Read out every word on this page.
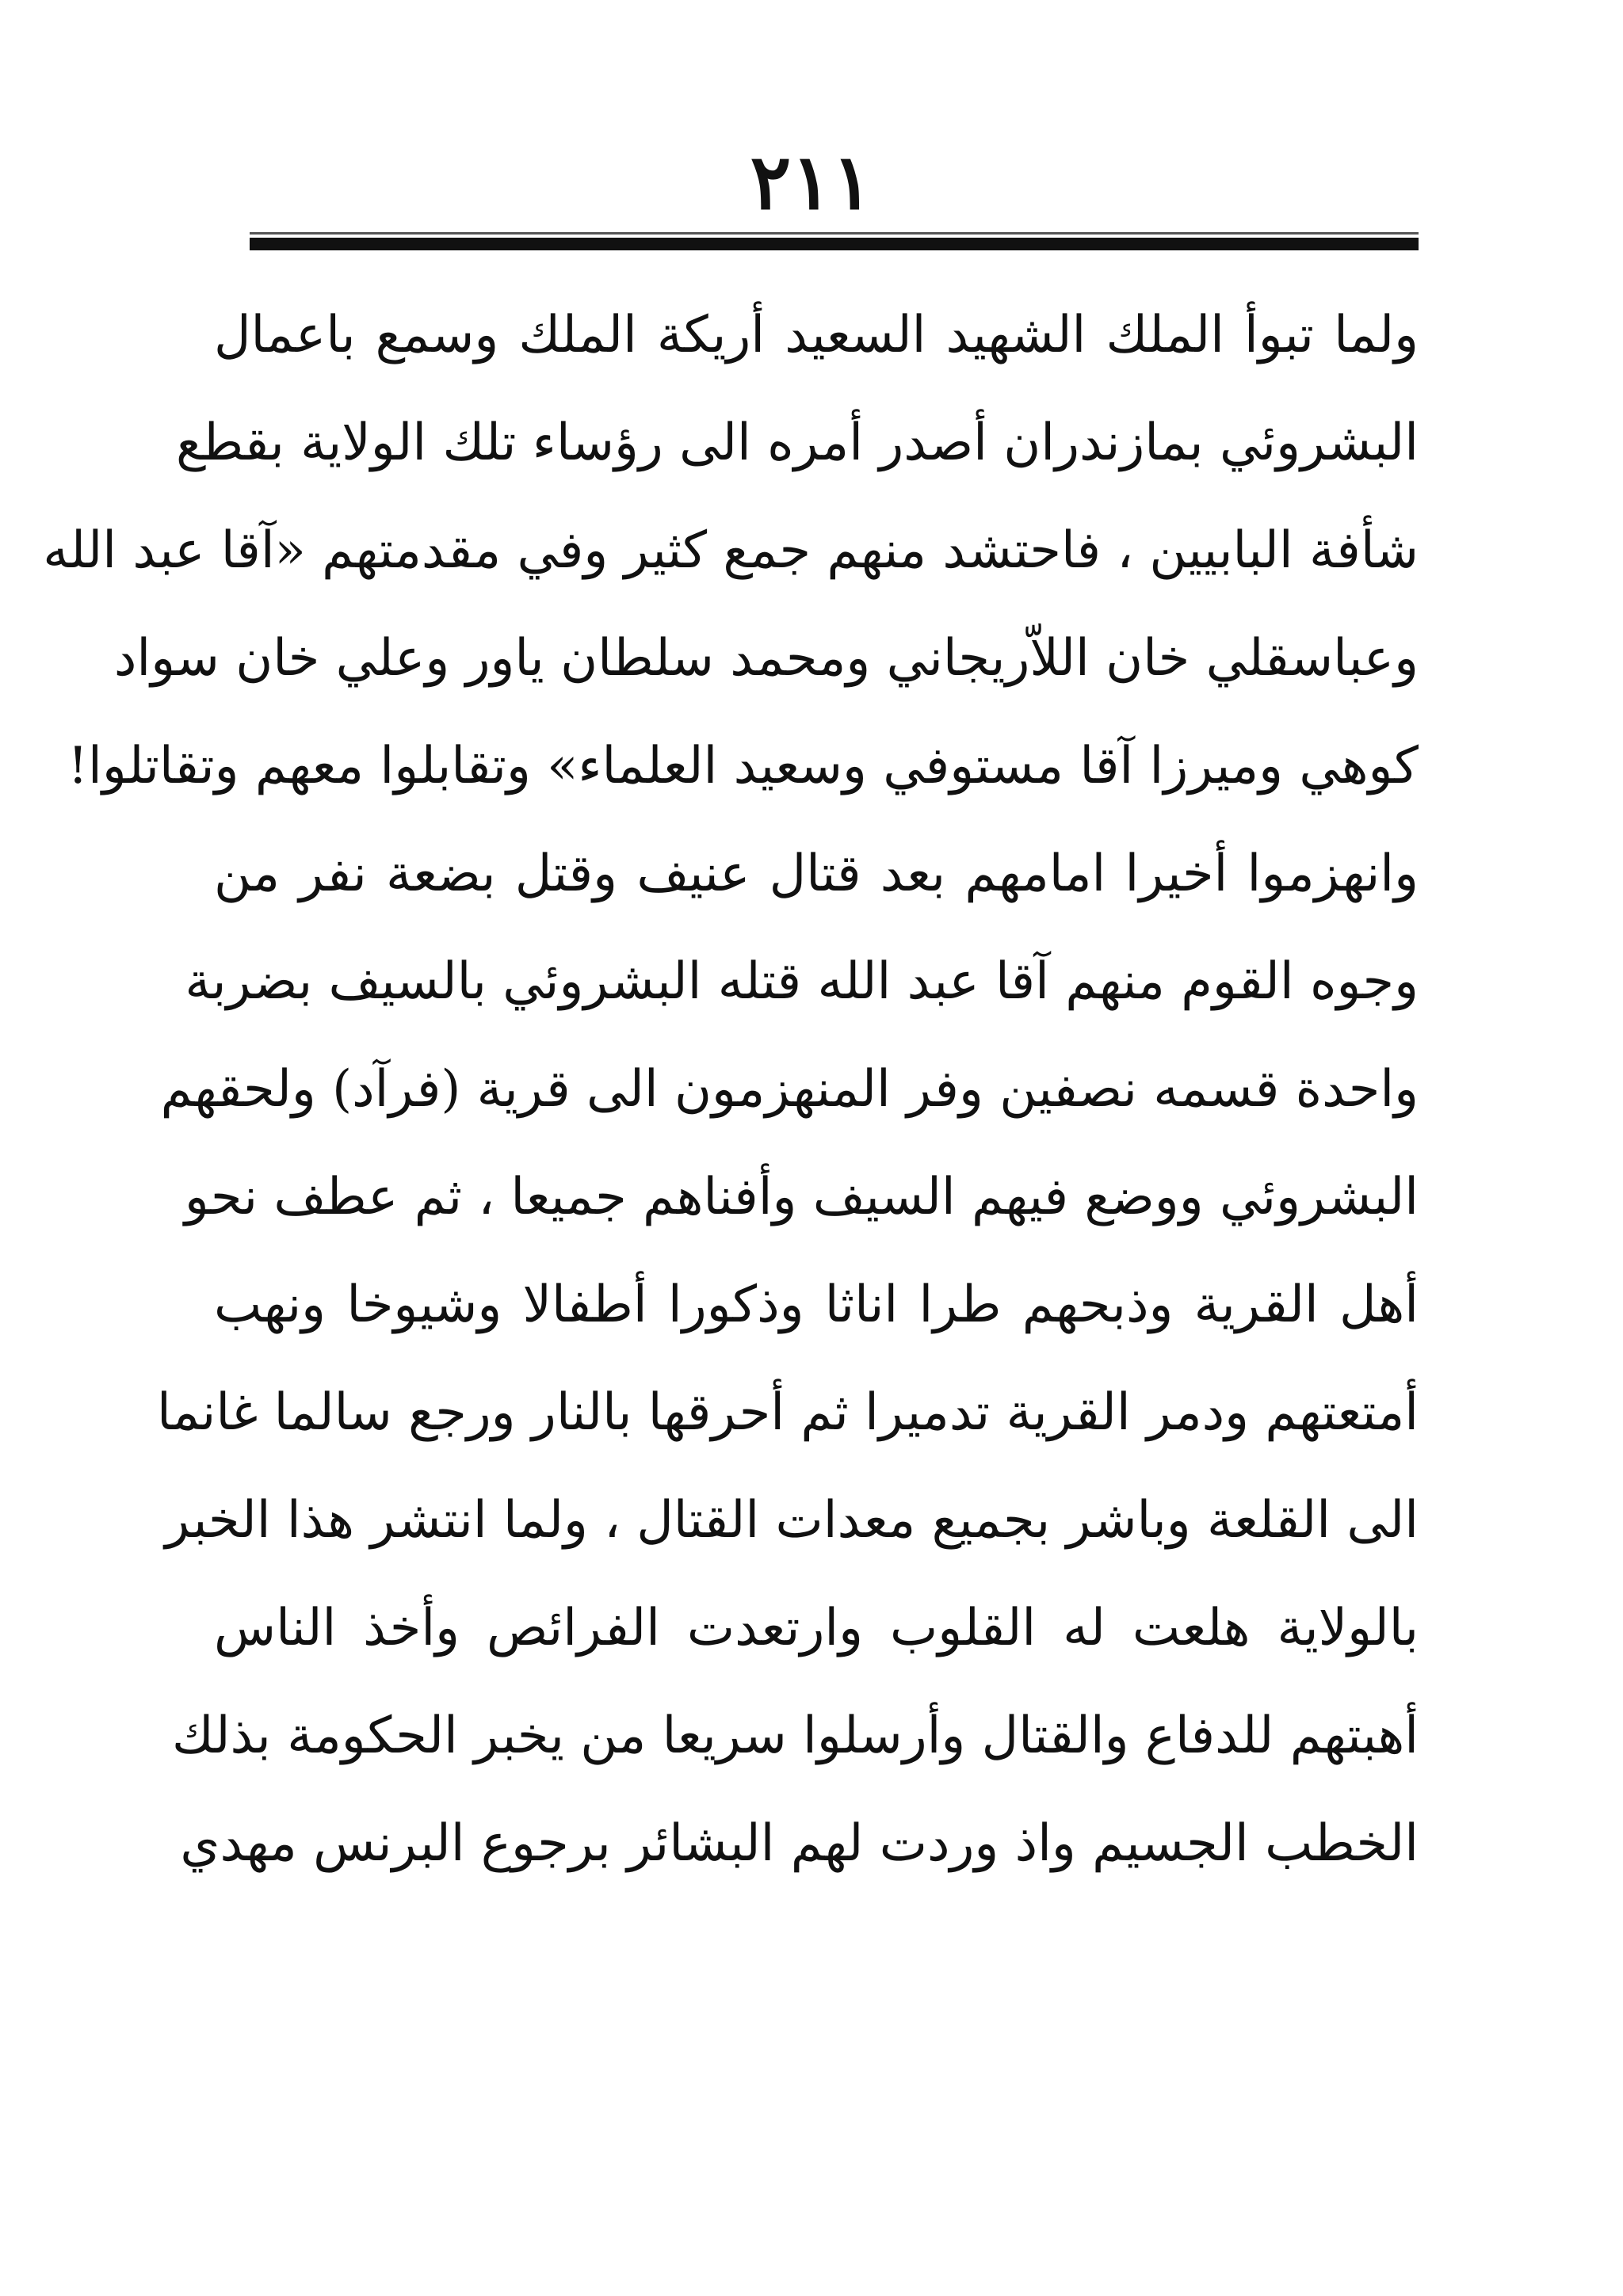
٢١١
ولما تبوأ الملك الشهيد السعيد أريكة الملك وسمع باعمال
البشروئي بمازندران أصدر أمره الى رؤساء تلك الولاية بقطع
شأفة البابيين ، فاحتشد منهم جمع كثير وفي مقدمتهم «آقا عبد الله
وعباسقلي خان اللاّريجاني ومحمد سلطان ياور وعلي خان سواد
كوهي وميرزا آقا مستوفي وسعيد العلماء» وتقابلوا معهم وتقاتلوا!
وانهزموا أخيرا امامهم بعد قتال عنيف وقتل بضعة نفر من
وجوه القوم منهم آقا عبد الله قتله البشروئي بالسيف بضربة
واحدة قسمه نصفين وفر المنهزمون الى قرية (فرآد) ولحقهم
البشروئي ووضع فيهم السيف وأفناهم جميعا ، ثم عطف نحو
أهل القرية وذبحهم طرا اناثا وذكورا أطفالا وشيوخا ونهب
أمتعتهم ودمر القرية تدميرا ثم أحرقها بالنار ورجع سالما غانما
الى القلعة وباشر بجميع معدات القتال ، ولما انتشر هذا الخبر
بالولاية هلعت له القلوب وارتعدت الفرائص وأخذ الناس
أهبتهم للدفاع والقتال وأرسلوا سريعا من يخبر الحكومة بذلك
الخطب الجسيم واذ وردت لهم البشائر برجوع البرنس مهدي
